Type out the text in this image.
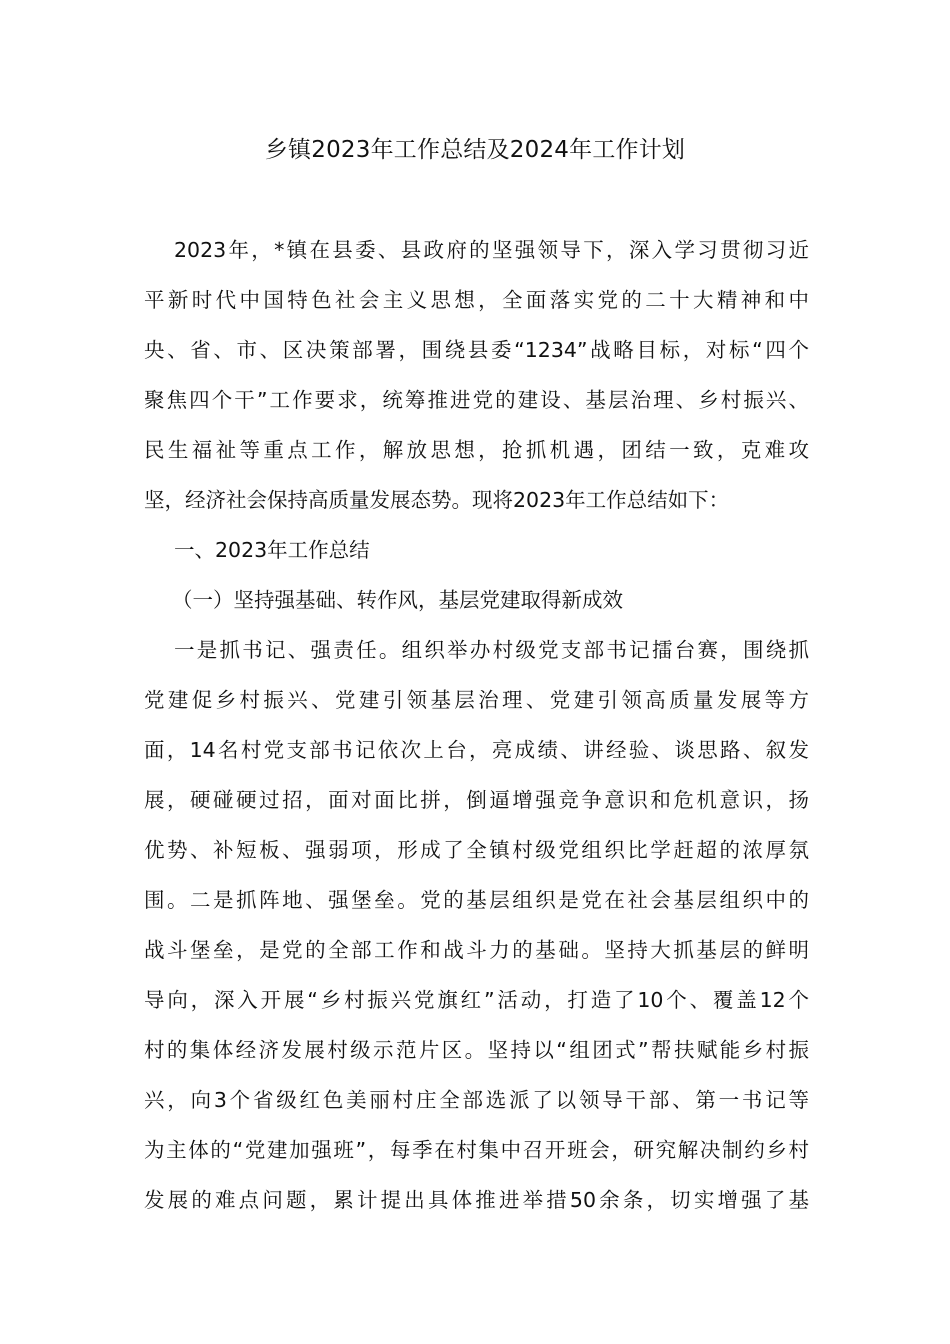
乡镇2023年工作总结及2024年工作计划
2023年，*镇在县委、县政府的坚强领导下，深入学习贯彻习近
平新时代中国特色社会主义思想，全面落实党的二十大精神和中
央、省、市、区决策部署，围绕县委“1234”战略目标，对标“四个
聚焦四个干”工作要求，统筹推进党的建设、基层治理、乡村振兴、
民生福祉等重点工作，解放思想，抢抓机遇，团结一致，克难攻
坚，经济社会保持高质量发展态势。现将2023年工作总结如下：
一、2023年工作总结
（一）坚持强基础、转作风，基层党建取得新成效
一是抓书记、强责任。组织举办村级党支部书记擂台赛，围绕抓
党建促乡村振兴、党建引领基层治理、党建引领高质量发展等方
面，14名村党支部书记依次上台，亮成绩、讲经验、谈思路、叙发
展，硬碰硬过招，面对面比拼，倒逼增强竞争意识和危机意识，扬
优势、补短板、强弱项，形成了全镇村级党组织比学赶超的浓厚氛
围。二是抓阵地、强堡垒。党的基层组织是党在社会基层组织中的
战斗堡垒，是党的全部工作和战斗力的基础。坚持大抓基层的鲜明
导向，深入开展“乡村振兴党旗红”活动，打造了10个、覆盖12个
村的集体经济发展村级示范片区。坚持以“组团式”帮扶赋能乡村振
兴，向3个省级红色美丽村庄全部选派了以领导干部、第一书记等
为主体的“党建加强班”，每季在村集中召开班会，研究解决制约乡村
发展的难点问题，累计提出具体推进举措50余条，切实增强了基
